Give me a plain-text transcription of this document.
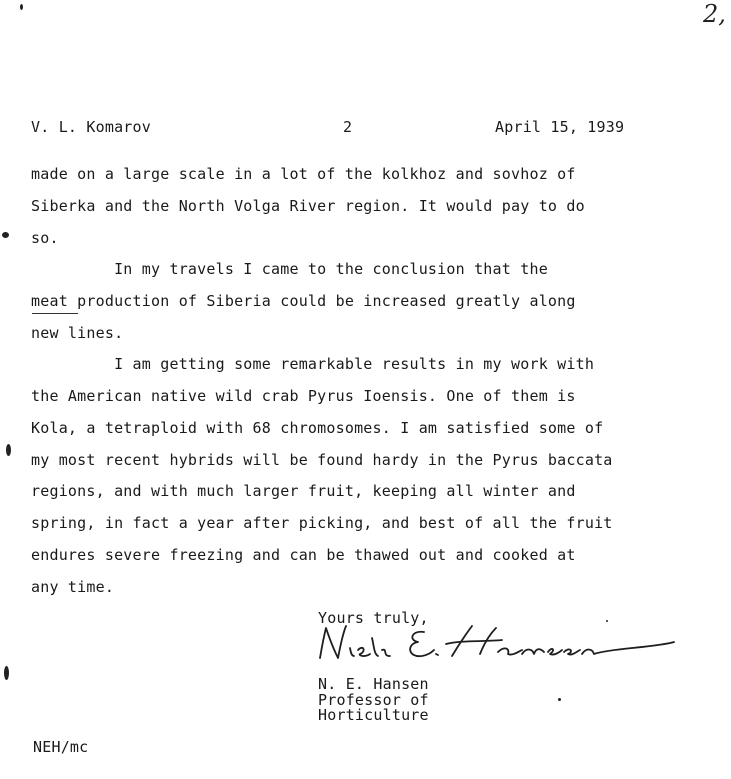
2,
V. L. Komarov	2	April 15, 1939
made on a large scale in a lot of the kolkhoz and sovhoz of
Siberka and the North Volga River region. It would pay to do
so.
In my travels I came to the conclusion that the
meat production of Siberia could be increased greatly along
new lines.
I am getting some remarkable results in my work with
the American native wild crab Pyrus Ioensis. One of them is
Kola, a tetraploid with 68 chromosomes. I am satisfied some of
my most recent hybrids will be found hardy in the Pyrus baccata
regions, and with much larger fruit, keeping all winter and
spring, in fact a year after picking, and best of all the fruit
endures severe freezing and can be thawed out and cooked at
any time.
Yours truly,
N. E. Hansen
Professor of
Horticulture
NEH/mc
